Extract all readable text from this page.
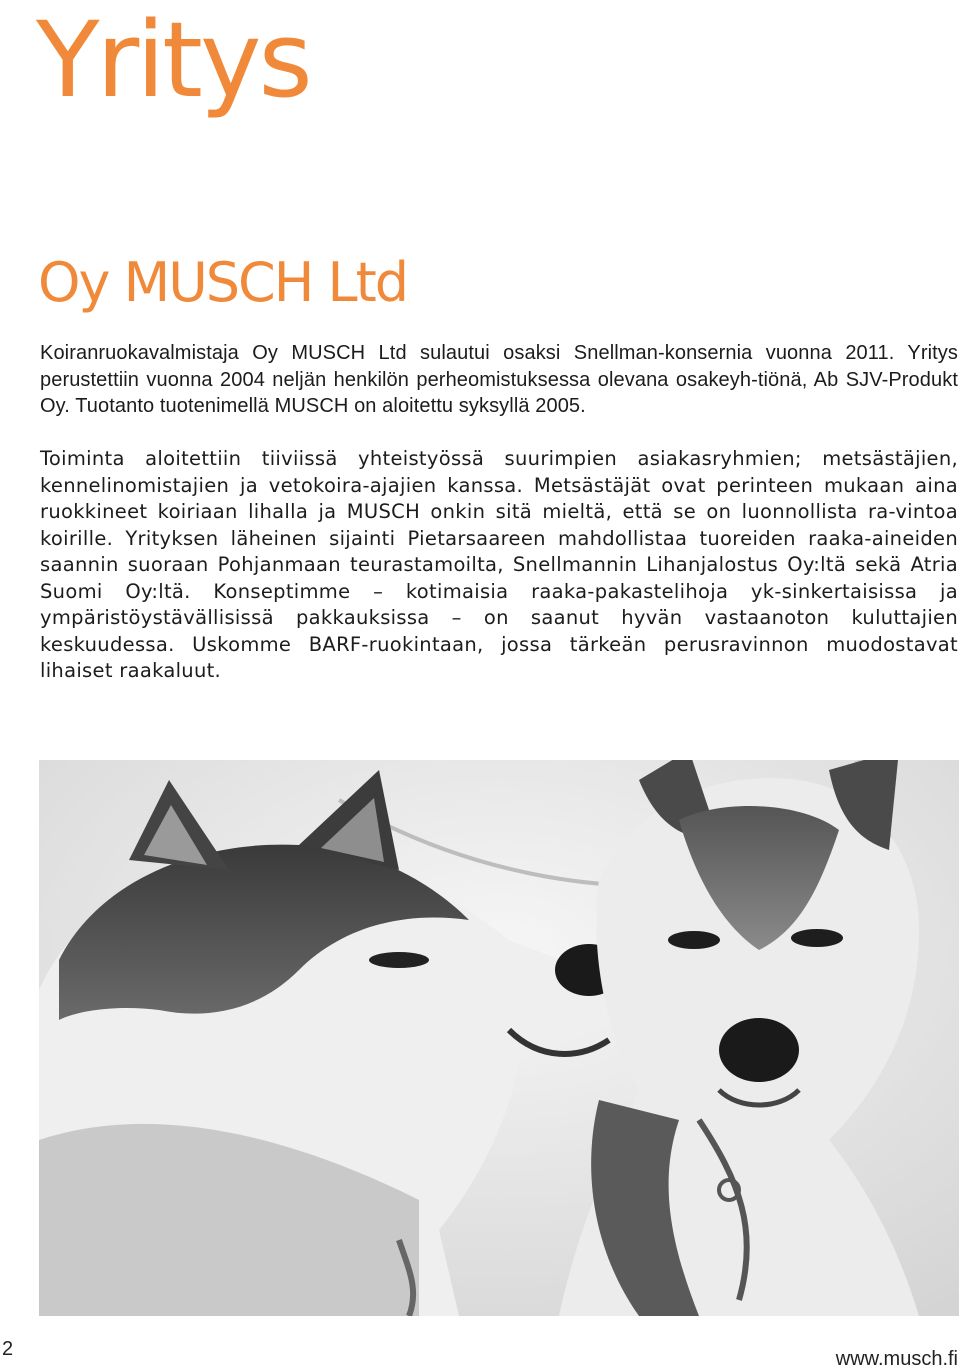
Yritys
Oy MUSCH Ltd

Koiranruokavalmistaja Oy MUSCH Ltd sulautui osaksi Snellman-konsernia vuonna 2011. Yritys perustettiin vuonna 2004 neljän henkilön perheomistuksessa olevana osakeyh-tiönä, Ab SJV-Produkt Oy. Tuotanto tuotenimellä MUSCH on aloitettu syksyllä 2005.

Toiminta aloitettiin tiiviissä yhteistyössä suurimpien asiakasryhmien; metsästäjien, kennelinomistajien ja vetokoira-ajajien kanssa. Metsästäjät ovat perinteen mukaan aina ruokkineet koiriaan lihalla ja MUSCH onkin sitä mieltä, että se on luonnollista ra-vintoa koirille. Yrityksen läheinen sijainti Pietarsaareen mahdollistaa tuoreiden raaka-aineiden saannin suoraan Pohjanmaan teurastamoilta, Snellmannin Lihanjalostus Oy:ltä sekä Atria Suomi Oy:ltä. Konseptimme – kotimaisia raaka-pakastelihoja yk-sinkertaisissa ja ympäristöystävällisissä pakkauksissa – on saanut hyvän vastaanoton kuluttajien keskuudessa. Uskomme BARF-ruokintaan, jossa tärkeän perusravinnon muodostavat lihaiset raakaluut.

2	www.musch.fi
